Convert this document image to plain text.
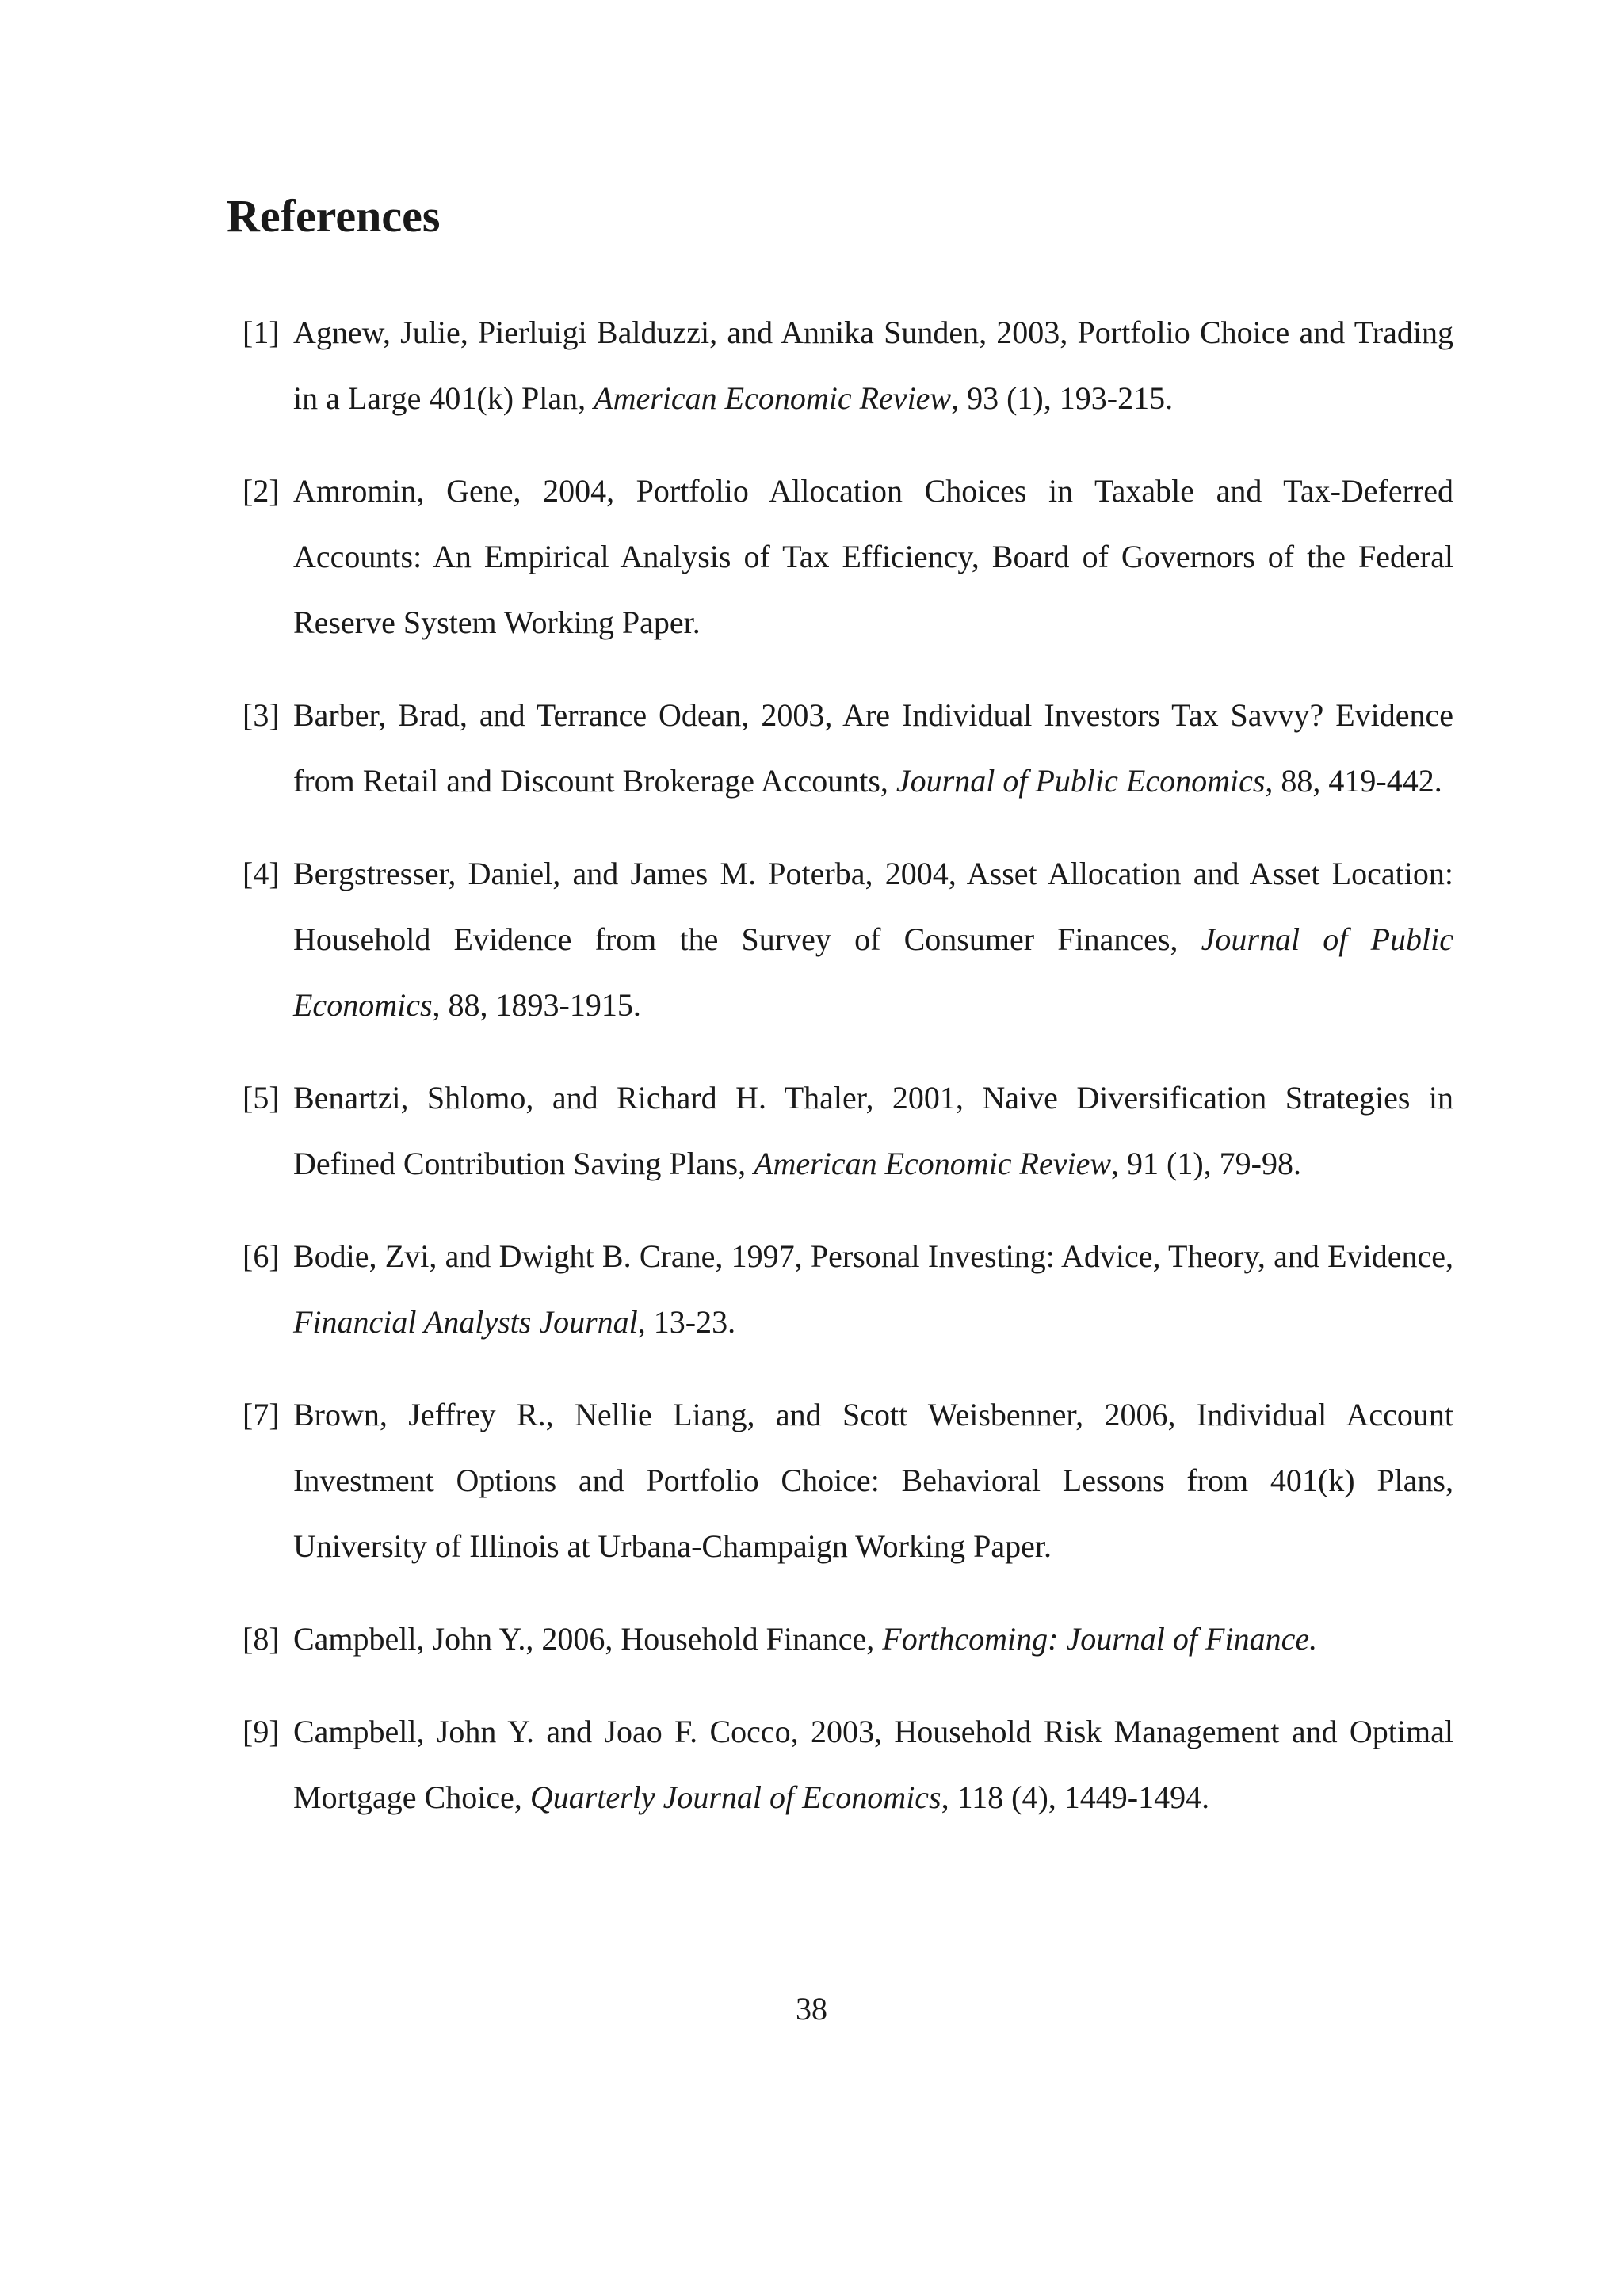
References
[1] Agnew, Julie, Pierluigi Balduzzi, and Annika Sunden, 2003, Portfolio Choice and Trading in a Large 401(k) Plan, American Economic Review, 93 (1), 193-215.
[2] Amromin, Gene, 2004, Portfolio Allocation Choices in Taxable and Tax-Deferred Accounts: An Empirical Analysis of Tax Efficiency, Board of Governors of the Federal Reserve System Working Paper.
[3] Barber, Brad, and Terrance Odean, 2003, Are Individual Investors Tax Savvy? Evidence from Retail and Discount Brokerage Accounts, Journal of Public Economics, 88, 419-442.
[4] Bergstresser, Daniel, and James M. Poterba, 2004, Asset Allocation and Asset Location: Household Evidence from the Survey of Consumer Finances, Journal of Public Economics, 88, 1893-1915.
[5] Benartzi, Shlomo, and Richard H. Thaler, 2001, Naive Diversification Strategies in Defined Contribution Saving Plans, American Economic Review, 91 (1), 79-98.
[6] Bodie, Zvi, and Dwight B. Crane, 1997, Personal Investing: Advice, Theory, and Evidence, Financial Analysts Journal, 13-23.
[7] Brown, Jeffrey R., Nellie Liang, and Scott Weisbenner, 2006, Individual Account Investment Options and Portfolio Choice: Behavioral Lessons from 401(k) Plans, University of Illinois at Urbana-Champaign Working Paper.
[8] Campbell, John Y., 2006, Household Finance, Forthcoming: Journal of Finance.
[9] Campbell, John Y. and Joao F. Cocco, 2003, Household Risk Management and Optimal Mortgage Choice, Quarterly Journal of Economics, 118 (4), 1449-1494.
38
